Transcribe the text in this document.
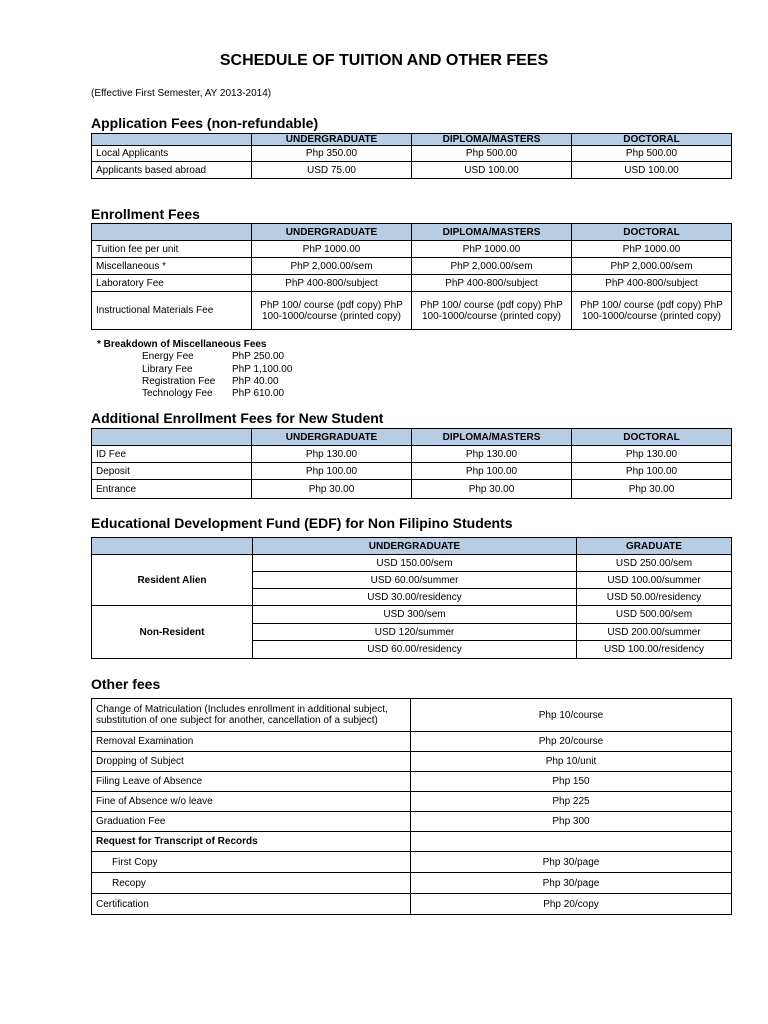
SCHEDULE OF TUITION AND OTHER FEES
(Effective First Semester, AY 2013-2014)
Application Fees (non-refundable)
	UNDERGRADUATE	DIPLOMA/MASTERS	DOCTORAL
Local Applicants	Php 350.00	Php 500.00	Php 500.00
Applicants based abroad	USD 75.00	USD 100.00	USD 100.00
Enrollment Fees
	UNDERGRADUATE	DIPLOMA/MASTERS	DOCTORAL
Tuition fee per unit	PhP 1000.00	PhP 1000.00	PhP 1000.00
Miscellaneous *	PhP 2,000.00/sem	PhP 2,000.00/sem	PhP 2,000.00/sem
Laboratory Fee	PhP 400-800/subject	PhP 400-800/subject	PhP 400-800/subject
Instructional Materials Fee	PhP 100/ course (pdf copy) PhP 100-1000/course (printed copy)	PhP 100/ course (pdf copy) PhP 100-1000/course (printed copy)	PhP 100/ course (pdf copy) PhP 100-1000/course (printed copy)
* Breakdown of Miscellaneous Fees
Energy Fee	PhP 250.00
Library Fee	PhP 1,100.00
Registration Fee	PhP 40.00
Technology Fee	PhP 610.00
Additional Enrollment Fees for New Student
	UNDERGRADUATE	DIPLOMA/MASTERS	DOCTORAL
ID Fee	Php 130.00	Php 130.00	Php 130.00
Deposit	Php 100.00	Php 100.00	Php 100.00
Entrance	Php 30.00	Php 30.00	Php 30.00
Educational Development Fund (EDF) for Non Filipino Students
	UNDERGRADUATE	GRADUATE
Resident Alien	USD 150.00/sem	USD 250.00/sem
	USD 60.00/summer	USD 100.00/summer
	USD 30.00/residency	USD 50.00/residency
Non-Resident	USD 300/sem	USD 500.00/sem
	USD 120/summer	USD 200.00/summer
	USD 60.00/residency	USD 100.00/residency
Other fees
Change of Matriculation (Includes enrollment in additional subject, substitution of one subject for another, cancellation of a subject)	Php 10/course
Removal Examination	Php 20/course
Dropping of Subject	Php 10/unit
Filing Leave of Absence	Php 150
Fine of Absence w/o leave	Php 225
Graduation Fee	Php 300
Request for Transcript of Records	
First Copy	Php 30/page
Recopy	Php 30/page
Certification	Php 20/copy
